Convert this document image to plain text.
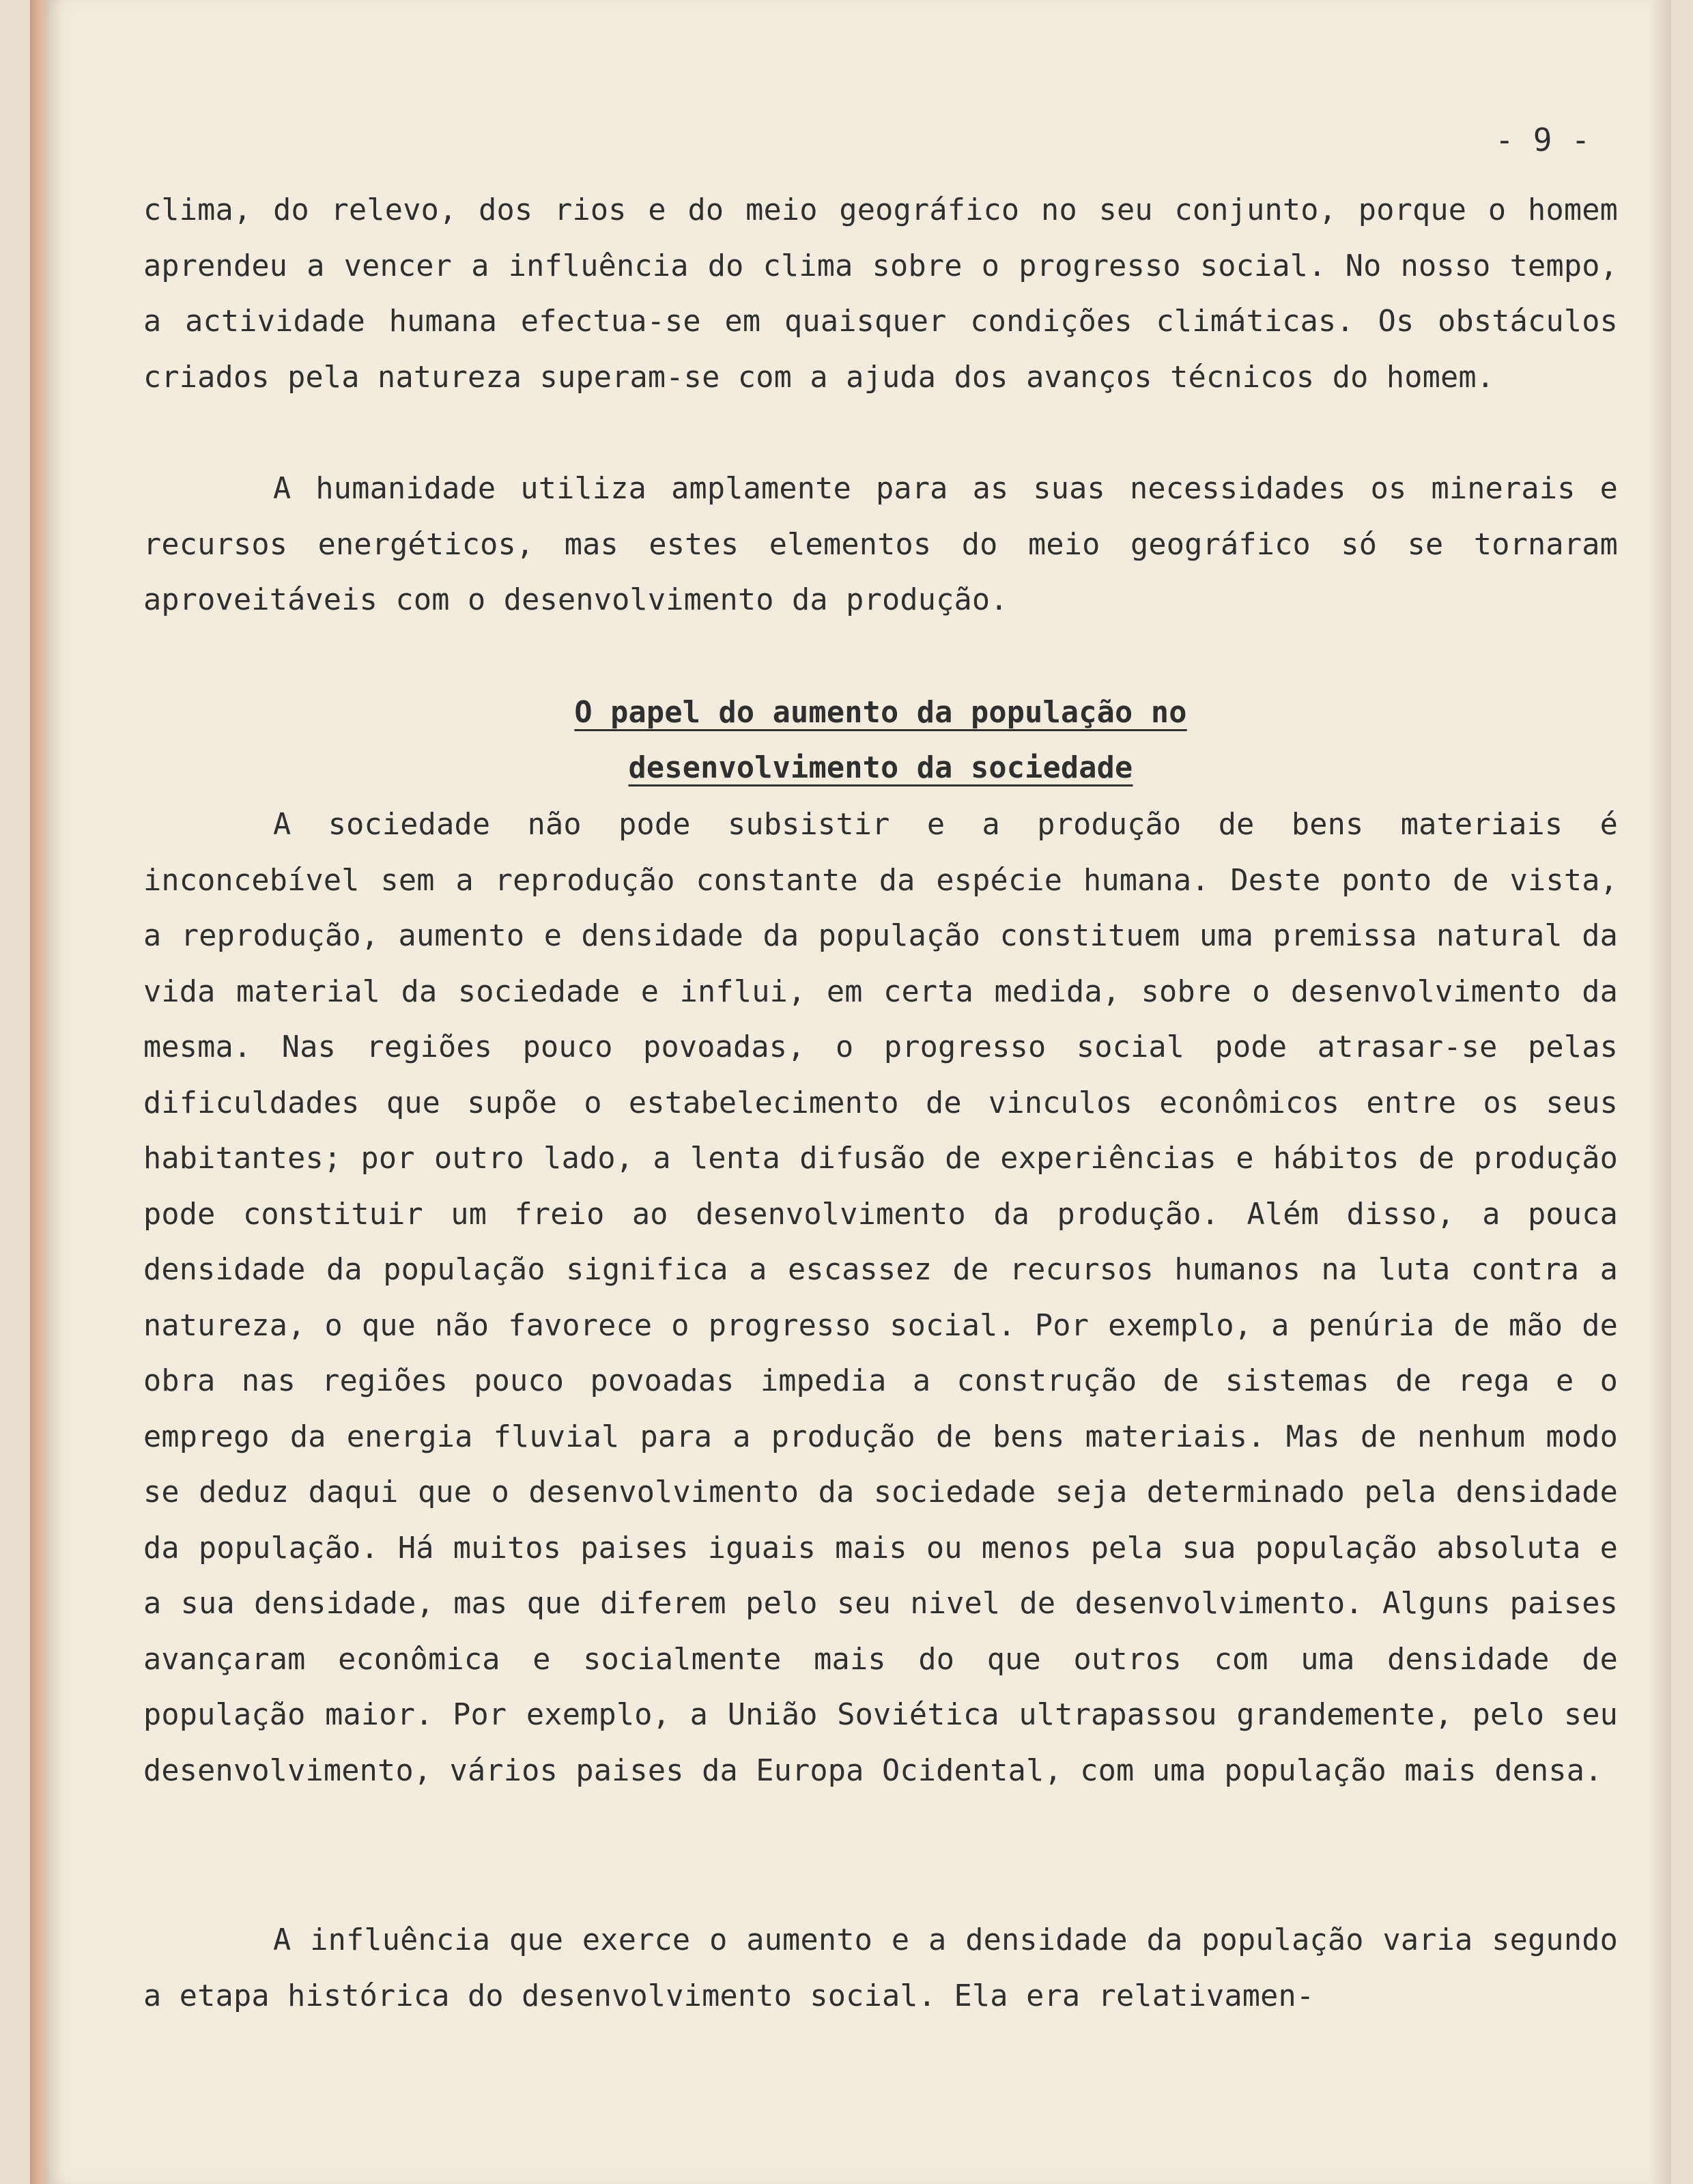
- 9 -

clima, do relevo, dos rios e do meio geográfico no seu conjunto, porque o homem aprendeu a vencer a influência do clima sobre o progresso social. No nosso tempo, a actividade humana efectua-se em quaisquer condições climáticas. Os obstáculos criados pela natureza superam-se com a ajuda dos avanços técnicos do homem.

A humanidade utiliza amplamente para as suas necessidades os minerais e recursos energéticos, mas estes elementos do meio geográfico só se tornaram aproveitáveis com o desenvolvimento da produção.

O papel do aumento da população no
desenvolvimento da sociedade

A sociedade não pode subsistir e a produção de bens materiais é inconcebível sem a reprodução constante da espécie humana. Deste ponto de vista, a reprodução, aumento e densidade da população constituem uma premissa natural da vida material da sociedade e influi, em certa medida, sobre o desenvolvimento da mesma. Nas regiões pouco povoadas, o progresso social pode atrasar-se pelas dificuldades que supõe o estabelecimento de vinculos econômicos entre os seus habitantes; por outro lado, a lenta difusão de experiências e hábitos de produção pode constituir um freio ao desenvolvimento da produção. Além disso, a pouca densidade da população significa a escassez de recursos humanos na luta contra a natureza, o que não favorece o progresso social. Por exemplo, a penúria de mão de obra nas regiões pouco povoadas impedia a construção de sistemas de rega e o emprego da energia fluvial para a produção de bens materiais. Mas de nenhum modo se deduz daqui que o desenvolvimento da sociedade seja determinado pela densidade da população. Há muitos paises iguais mais ou menos pela sua população absoluta e a sua densidade, mas que diferem pelo seu nivel de desenvolvimento. Alguns paises avançaram econômica e socialmente mais do que outros com uma densidade de população maior. Por exemplo, a União Soviética ultrapassou grandemente, pelo seu desenvolvimento, vários paises da Europa Ocidental, com uma população mais densa.

A influência que exerce o aumento e a densidade da população varia segundo a etapa histórica do desenvolvimento social. Ela era relativamen-
